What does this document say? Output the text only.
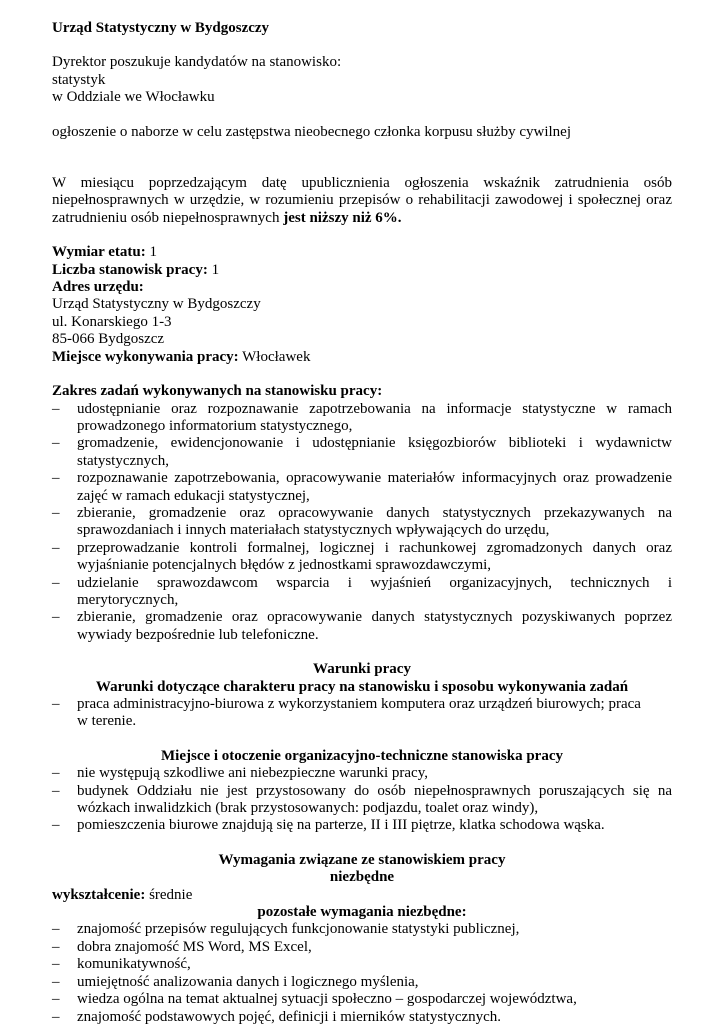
Urząd Statystyczny w Bydgoszczy

Dyrektor poszukuje kandydatów na stanowisko:

statystyk

w Oddziale we Włocławku

ogłoszenie o naborze w celu zastępstwa nieobecnego członka korpusu służby cywilnej

W miesiącu poprzedzającym datę upublicznienia ogłoszenia wskaźnik zatrudnienia osób niepełnosprawnych w urzędzie, w rozumieniu przepisów o rehabilitacji zawodowej i społecznej oraz zatrudnieniu osób niepełnosprawnych jest niższy niż 6%.

Wymiar etatu: 1

Liczba stanowisk pracy: 1

Adres urzędu:

Urząd Statystyczny w Bydgoszczy

ul. Konarskiego 1-3

85-066 Bydgoszcz

Miejsce wykonywania pracy: Włocławek

Zakres zadań wykonywanych na stanowisku pracy:

– udostępnianie oraz rozpoznawanie zapotrzebowania na informacje statystyczne w ramach prowadzonego informatorium statystycznego,
– gromadzenie, ewidencjonowanie i udostępnianie księgozbiorów biblioteki i wydawnictw statystycznych,
– rozpoznawanie zapotrzebowania, opracowywanie materiałów informacyjnych oraz prowadzenie zajęć w ramach edukacji statystycznej,
– zbieranie, gromadzenie oraz opracowywanie danych statystycznych przekazywanych na sprawozdaniach i innych materiałach statystycznych wpływających do urzędu,
– przeprowadzanie kontroli formalnej, logicznej i rachunkowej zgromadzonych danych oraz wyjaśnianie potencjalnych błędów z jednostkami sprawozdawczymi,
– udzielanie sprawozdawcom wsparcia i wyjaśnień organizacyjnych, technicznych i merytorycznych,
– zbieranie, gromadzenie oraz opracowywanie danych statystycznych pozyskiwanych poprzez wywiady bezpośrednie lub telefoniczne.

Warunki pracy

Warunki dotyczące charakteru pracy na stanowisku i sposobu wykonywania zadań

– praca administracyjno-biurowa z wykorzystaniem komputera oraz urządzeń biurowych; praca w terenie.

Miejsce i otoczenie organizacyjno-techniczne stanowiska pracy

– nie występują szkodliwe ani niebezpieczne warunki pracy,
– budynek Oddziału nie jest przystosowany do osób niepełnosprawnych poruszających się na wózkach inwalidzkich (brak przystosowanych: podjazdu, toalet oraz windy),
– pomieszczenia biurowe znajdują się na parterze, II i III piętrze, klatka schodowa wąska.

Wymagania związane ze stanowiskiem pracy

niezbędne

wykształcenie: średnie

pozostałe wymagania niezbędne:

– znajomość przepisów regulujących funkcjonowanie statystyki publicznej,
– dobra znajomość MS Word, MS Excel,
– komunikatywność,
– umiejętność analizowania danych i logicznego myślenia,
– wiedza ogólna na temat aktualnej sytuacji społeczno – gospodarczej województwa,
– znajomość podstawowych pojęć, definicji i mierników statystycznych.
